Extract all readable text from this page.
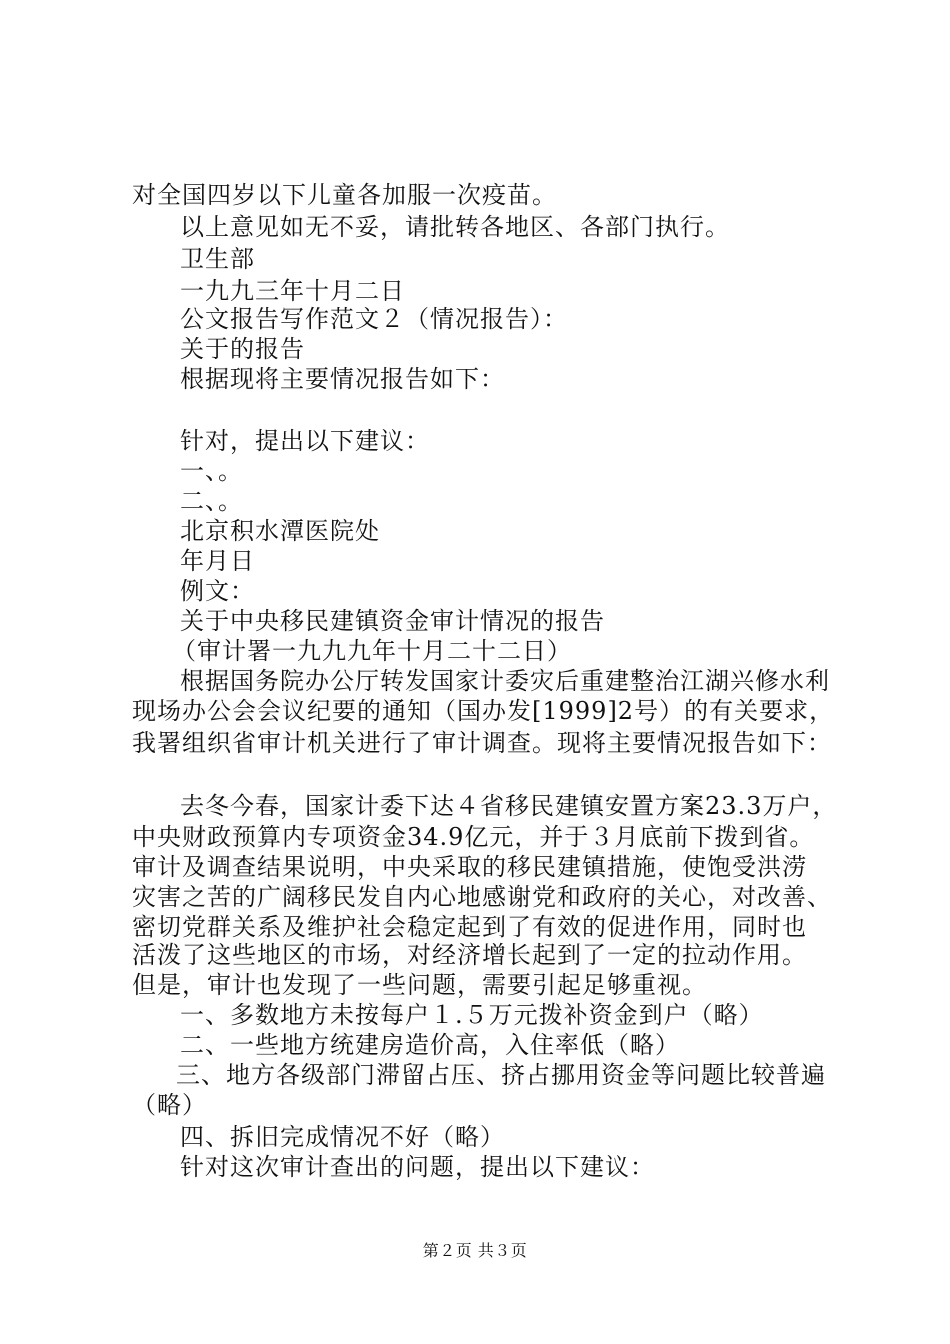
对全国四岁以下儿童各加服一次疫苗。
以上意见如无不妥，请批转各地区、各部门执行。
卫生部
一九九三年十月二日
公文报告写作范文２（情况报告）：
关于的报告
根据现将主要情况报告如下：
针对，提出以下建议：
一、。
二、。
北京积水潭医院处
年月日
例文：
关于中央移民建镇资金审计情况的报告
（审计署一九九九年十月二十二日）
根据国务院办公厅转发国家计委灾后重建整治江湖兴修水利
现场办公会会议纪要的通知（国办发[1999]2号）的有关要求，
我署组织省审计机关进行了审计调查。现将主要情况报告如下：
去冬今春，国家计委下达４省移民建镇安置方案23.3万户，
中央财政预算内专项资金34.9亿元，并于３月底前下拨到省。
审计及调查结果说明，中央采取的移民建镇措施，使饱受洪涝
灾害之苦的广阔移民发自内心地感谢党和政府的关心，对改善、
密切党群关系及维护社会稳定起到了有效的促进作用，同时也
活泼了这些地区的市场，对经济增长起到了一定的拉动作用。
但是，审计也发现了一些问题，需要引起足够重视。
一、多数地方未按每户１.５万元拨补资金到户（略）
二、一些地方统建房造价高，入住率低（略）
三、地方各级部门滞留占压、挤占挪用资金等问题比较普遍
（略）
四、拆旧完成情况不好（略）
针对这次审计查出的问题，提出以下建议：
第２页 共３页
